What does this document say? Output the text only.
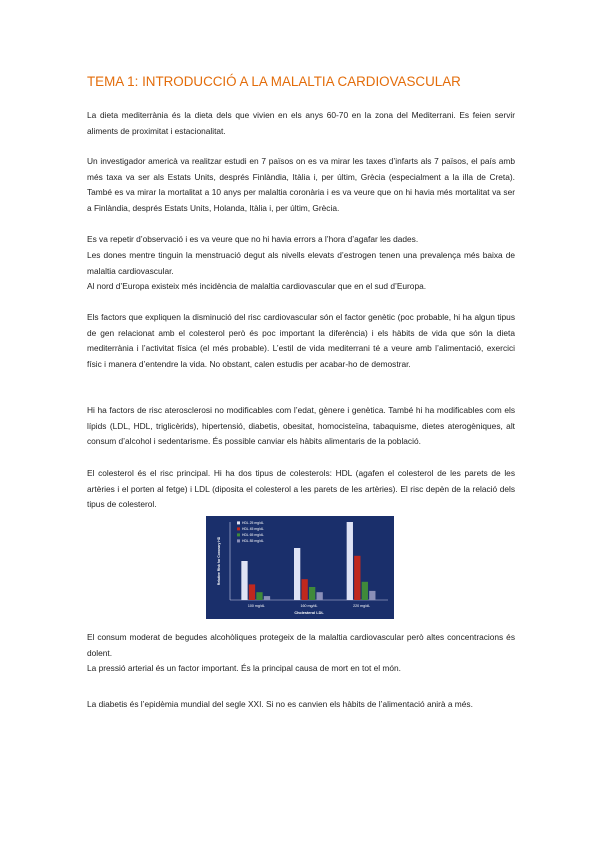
TEMA 1: INTRODUCCIÓ A LA MALALTIA CARDIOVASCULAR

La dieta mediterrània és la dieta dels que vivien en els anys 60-70 en la zona del Mediterrani. Es feien servir aliments de proximitat i estacionalitat.

Un investigador americà va realitzar estudi en 7 països on es va mirar les taxes d’infarts als 7 països, el país amb més taxa va ser als Estats Units, després Finlàndia, Itàlia i, per últim, Grècia (especialment a la illa de Creta). També es va mirar la mortalitat a 10 anys per malaltia coronària i es va veure que on hi havia més mortalitat va ser a Finlàndia, després Estats Units, Holanda, Itàlia i, per últim, Grècia.

Es va repetir d’observació i es va veure que no hi havia errors a l’hora d’agafar les dades.

Les dones mentre tinguin la menstruació degut als nivells elevats d’estrogen tenen una prevalença més baixa de malaltia cardiovascular.

Al nord d’Europa existeix més incidència de malaltia cardiovascular que en el sud d’Europa.

Els factors que expliquen la disminució del risc cardiovascular són el factor genètic (poc probable, hi ha algun tipus de gen relacionat amb el colesterol però és poc important la diferència) i els hàbits de vida que són la dieta mediterrània i l’activitat física (el més probable). L’estil de vida mediterrani té a veure amb l’alimentació, exercici físic i manera d’entendre la vida. No obstant, calen estudis per acabar-ho de demostrar.

Hi ha factors de risc aterosclerosi no modificables com l’edat, gènere i genètica. També hi ha modificables com els lípids (LDL, HDL, triglicèrids), hipertensió, diabetis, obesitat, homocisteïna, tabaquisme, dietes aterogèniques, alt consum d’alcohol i sedentarisme. És possible canviar els hàbits alimentaris de la població.

El colesterol és el risc principal. Hi ha dos tipus de colesterols: HDL (agafen el colesterol de les parets de les artèries i el porten al fetge) i LDL (diposita el colesterol a les parets de les artèries). El risc depèn de la relació dels tipus de colesterol.

El consum moderat de begudes alcohòliques protegeix de la malaltia cardiovascular però altes concentracions és dolent.

La pressió arterial és un factor important. És la principal causa de mort en tot el món.

La diabetis és l’epidèmia mundial del segle XXI. Si no es canvien els hàbits de l’alimentació anirà a més.

100 mg/dL	160 mg/dL	220 mg/dL
Cholesterol LDL
Relative Risk for Coronary HD
HDL 25 mg/dL
HDL 45 mg/dL
HDL 65 mg/dL
HDL 85 mg/dL
